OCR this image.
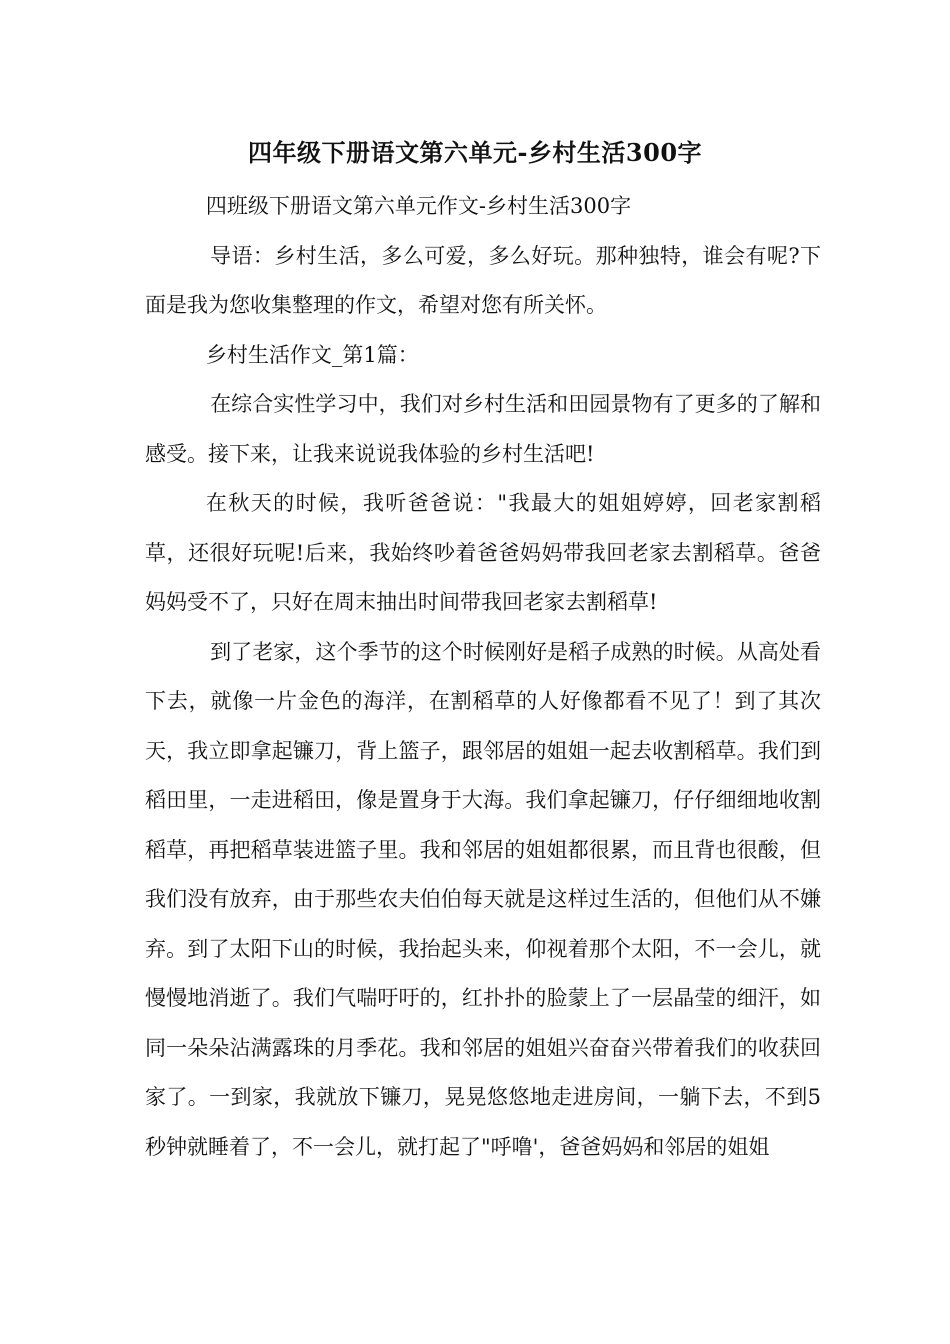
四年级下册语文第六单元-乡村生活300字

四班级下册语文第六单元作文-乡村生活300字

导语：乡村生活，多么可爱，多么好玩。那种独特，谁会有呢?下面是我为您收集整理的作文，希望对您有所关怀。

乡村生活作文_第1篇：

在综合实性学习中，我们对乡村生活和田园景物有了更多的了解和感受。接下来，让我来说说我体验的乡村生活吧!

在秋天的时候，我听爸爸说："我最大的姐姐婷婷，回老家割稻草，还很好玩呢!后来，我始终吵着爸爸妈妈带我回老家去割稻草。爸爸妈妈受不了，只好在周末抽出时间带我回老家去割稻草!

到了老家，这个季节的这个时候刚好是稻子成熟的时候。从高处看下去，就像一片金色的海洋，在割稻草的人好像都看不见了！到了其次天，我立即拿起镰刀，背上篮子，跟邻居的姐姐一起去收割稻草。我们到稻田里，一走进稻田，像是置身于大海。我们拿起镰刀，仔仔细细地收割稻草，再把稻草装进篮子里。我和邻居的姐姐都很累，而且背也很酸，但我们没有放弃，由于那些农夫伯伯每天就是这样过生活的，但他们从不嫌弃。到了太阳下山的时候，我抬起头来，仰视着那个太阳，不一会儿，就慢慢地消逝了。我们气喘吁吁的，红扑扑的脸蒙上了一层晶莹的细汗，如同一朵朵沾满露珠的月季花。我和邻居的姐姐兴奋奋兴带着我们的收获回家了。一到家，我就放下镰刀，晃晃悠悠地走进房间，一躺下去，不到5秒钟就睡着了，不一会儿，就打起了"呼噜'，爸爸妈妈和邻居的姐姐
